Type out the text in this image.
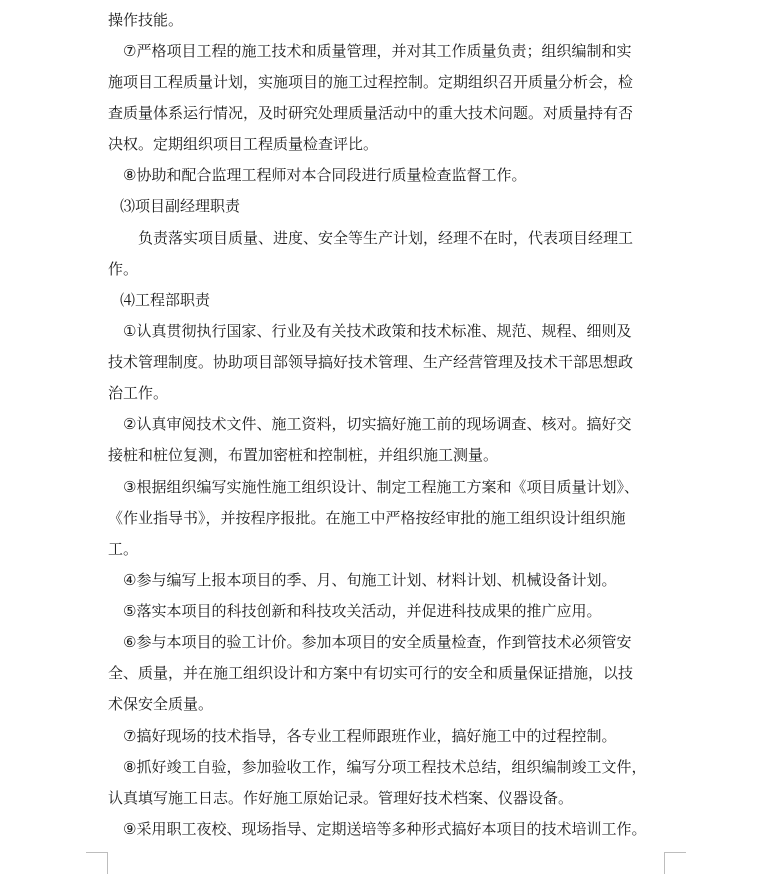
操作技能。
⑦严格项目工程的施工技术和质量管理，并对其工作质量负责；组织编制和实
施项目工程质量计划，实施项目的施工过程控制。定期组织召开质量分析会，检
查质量体系运行情况，及时研究处理质量活动中的重大技术问题。对质量持有否
决权。定期组织项目工程质量检查评比。
⑧协助和配合监理工程师对本合同段进行质量检查监督工作。
⑶项目副经理职责
负责落实项目质量、进度、安全等生产计划，经理不在时，代表项目经理工
作。
⑷工程部职责
①认真贯彻执行国家、行业及有关技术政策和技术标准、规范、规程、细则及
技术管理制度。协助项目部领导搞好技术管理、生产经营管理及技术干部思想政
治工作。
②认真审阅技术文件、施工资料，切实搞好施工前的现场调查、核对。搞好交
接桩和桩位复测，布置加密桩和控制桩，并组织施工测量。
③根据组织编写实施性施工组织设计、制定工程施工方案和《项目质量计划》、
《作业指导书》，并按程序报批。在施工中严格按经审批的施工组织设计组织施
工。
④参与编写上报本项目的季、月、旬施工计划、材料计划、机械设备计划。
⑤落实本项目的科技创新和科技攻关活动，并促进科技成果的推广应用。
⑥参与本项目的验工计价。参加本项目的安全质量检查，作到管技术必须管安
全、质量，并在施工组织设计和方案中有切实可行的安全和质量保证措施，以技
术保安全质量。
⑦搞好现场的技术指导，各专业工程师跟班作业，搞好施工中的过程控制。
⑧抓好竣工自验，参加验收工作，编写分项工程技术总结，组织编制竣工文件，
认真填写施工日志。作好施工原始记录。管理好技术档案、仪器设备。
⑨采用职工夜校、现场指导、定期送培等多种形式搞好本项目的技术培训工作。
